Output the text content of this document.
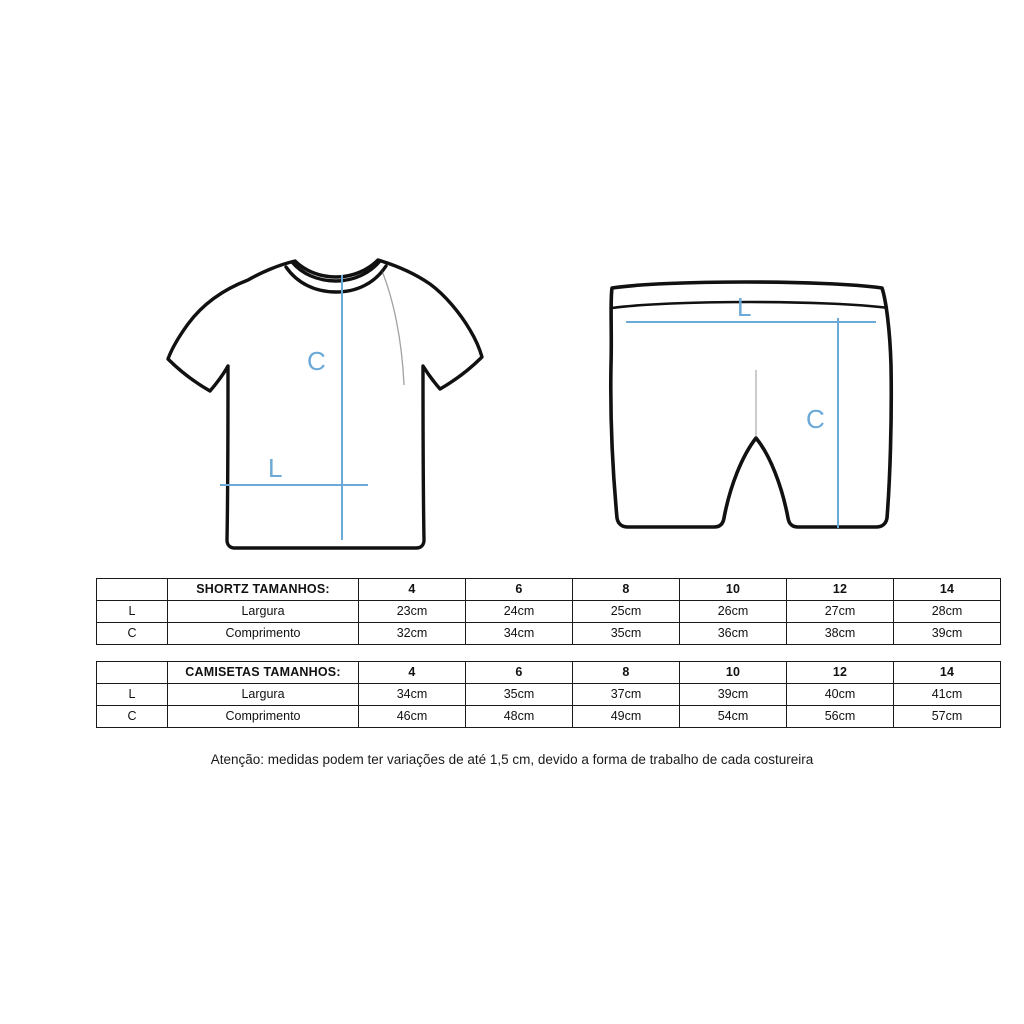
C
L
L
C
	SHORTZ TAMANHOS:	4	6	8	10	12	14
L	Largura	23cm	24cm	25cm	26cm	27cm	28cm
C	Comprimento	32cm	34cm	35cm	36cm	38cm	39cm
	CAMISETAS TAMANHOS:	4	6	8	10	12	14
L	Largura	34cm	35cm	37cm	39cm	40cm	41cm
C	Comprimento	46cm	48cm	49cm	54cm	56cm	57cm
Atenção: medidas podem ter variações de até 1,5 cm, devido a forma de trabalho de cada costureira
